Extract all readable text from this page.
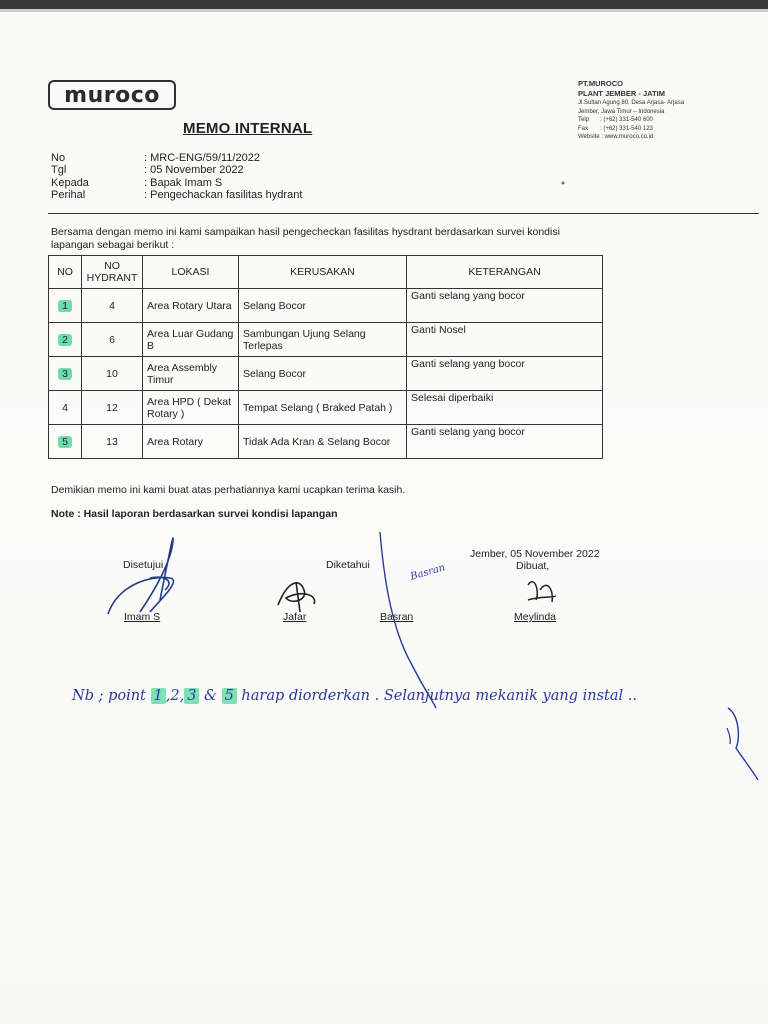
muroco	PT.MUROCO
PLANT JEMBER - JATIM
Jl.Sultan Agung 80, Desa Arjasa- Arjasa
Jember, Jawa Timur – Indonesia
Telp	: (+62) 331-540 600
Fax	: (+62) 331-540 123
Website : www.muroco.co.id
MEMO INTERNAL
No	: MRC-ENG/59/11/2022
Tgl	: 05 November 2022
Kepada	: Bapak Imam S
Perihal	: Pengechackan fasilitas hydrant
Bersama dengan memo ini kami sampaikan hasil pengecheckan fasilitas hysdrant berdasarkan survei kondisi lapangan sebagai berikut :
NO	NO HYDRANT	LOKASI	KERUSAKAN	KETERANGAN
1	4	Area Rotary Utara	Selang Bocor	Ganti selang yang bocor
2	6	Area Luar Gudang B	Sambungan Ujung Selang Terlepas	Ganti Nosel
3	10	Area Assembly Timur	Selang Bocor	Ganti selang yang bocor
4	12	Area HPD ( Dekat Rotary )	Tempat Selang ( Braked Patah )	Selesai diperbaiki
5	13	Area Rotary	Tidak Ada Kran & Selang Bocor	Ganti selang yang bocor
Demikian memo ini kami buat atas perhatiannya kami ucapkan terima kasih.
Note : Hasil laporan berdasarkan survei kondisi lapangan
Jember, 05 November 2022
Disetujui	Diketahui	Dibuat,
Imam S	Jafar	Basran	Meylinda
Basran
Nb ; point 1 ,2, 3 & 5 harap diorderkan . Selanjutnya mekanik yang instal ..
